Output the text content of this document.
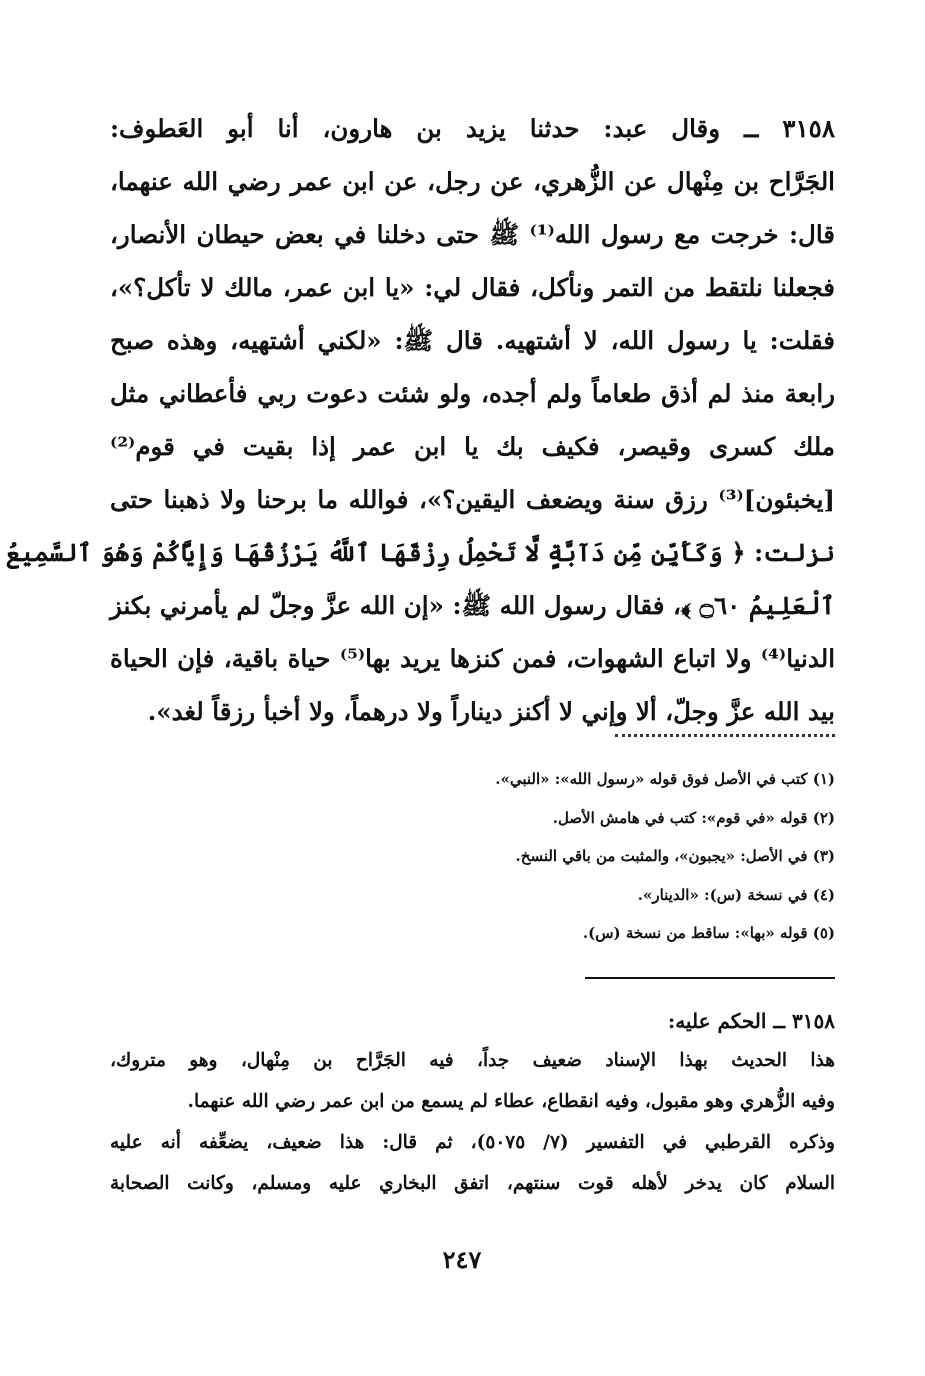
٣١٥٨ ــ وقال عبد: حدثنا يزيد بن هارون، أنا أبو العَطوف:
الجَرَّاح بن مِنْهال عن الزُّهري، عن رجل، عن ابن عمر رضي الله عنهما،
قال: خرجت مع رسول الله⁽¹⁾ ﷺ حتى دخلنا في بعض حيطان الأنصار،
فجعلنا نلتقط من التمر ونأكل، فقال لي: «يا ابن عمر، مالك لا تأكل؟»،
فقلت: يا رسول الله، لا أشتهيه. قال ﷺ: «لكني أشتهيه، وهذه صبح
رابعة منذ لم أذق طعاماً ولم أجده، ولو شئت دعوت ربي فأعطاني مثل
ملك كسرى وقيصر، فكيف بك يا ابن عمر إذا بقيت في قوم⁽²⁾
[يخبئون]⁽³⁾ رزق سنة ويضعف اليقين؟»، فوالله ما برحنا ولا ذهبنا حتى
نزلت: ﴿ وَكَأَيِّن مِّن دَآبَّةٍ لَّا تَحْمِلُ رِزْقَهَا ٱللَّهُ يَرْزُقُهَا وَإِيَّاكُمْ وَهُوَ ٱلسَّمِيعُ
ٱلْعَلِيمُ ۝٦٠ ﴾، فقال رسول الله ﷺ: «إن الله عزَّ وجلّ لم يأمرني بكنز
الدنيا⁽⁴⁾ ولا اتباع الشهوات، فمن كنزها يريد بها⁽⁵⁾ حياة باقية، فإن الحياة
بيد الله عزَّ وجلّ، ألا وإني لا أكنز ديناراً ولا درهماً، ولا أخبأ رزقاً لغد».
(١) كتب في الأصل فوق قوله «رسول الله»: «النبي».
(٢) قوله «في قوم»: كتب في هامش الأصل.
(٣) في الأصل: «يجبون»، والمثبت من باقي النسخ.
(٤) في نسخة (س): «الدينار».
(٥) قوله «بها»: ساقط من نسخة (س).
٣١٥٨ ــ الحكم عليه:
هذا الحديث بهذا الإسناد ضعيف جداً، فيه الجَرَّاح بن مِنْهال، وهو متروك،
وفيه الزُّهري وهو مقبول، وفيه انقطاع، عطاء لم يسمع من ابن عمر رضي الله عنهما.
وذكره القرطبي في التفسير (٧/ ٥٠٧٥)، ثم قال: هذا ضعيف، يضعِّفه أنه عليه
السلام كان يدخر لأهله قوت سنتهم، اتفق البخاري عليه ومسلم، وكانت الصحابة
٢٤٧
